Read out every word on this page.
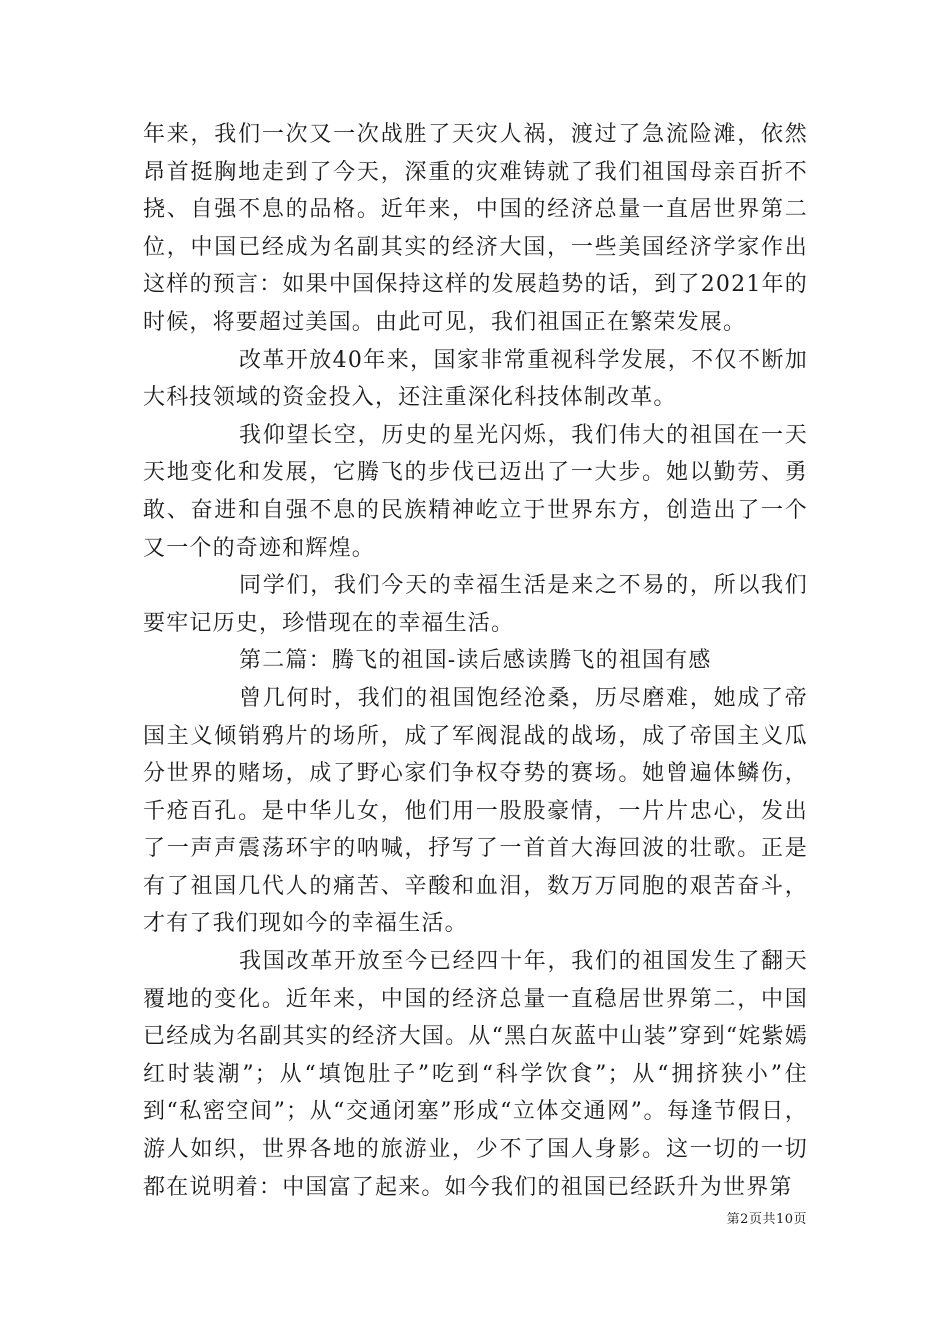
年来，我们一次又一次战胜了天灾人祸，渡过了急流险滩，依然昂首挺胸地走到了今天，深重的灾难铸就了我们祖国母亲百折不挠、自强不息的品格。近年来，中国的经济总量一直居世界第二位，中国已经成为名副其实的经济大国，一些美国经济学家作出这样的预言：如果中国保持这样的发展趋势的话，到了2021年的时候，将要超过美国。由此可见，我们祖国正在繁荣发展。

改革开放40年来，国家非常重视科学发展，不仅不断加大科技领域的资金投入，还注重深化科技体制改革。

我仰望长空，历史的星光闪烁，我们伟大的祖国在一天天地变化和发展，它腾飞的步伐已迈出了一大步。她以勤劳、勇敢、奋进和自强不息的民族精神屹立于世界东方，创造出了一个又一个的奇迹和辉煌。

同学们，我们今天的幸福生活是来之不易的，所以我们要牢记历史，珍惜现在的幸福生活。

第二篇：腾飞的祖国-读后感读腾飞的祖国有感

曾几何时，我们的祖国饱经沧桑，历尽磨难，她成了帝国主义倾销鸦片的场所，成了军阀混战的战场，成了帝国主义瓜分世界的赌场，成了野心家们争权夺势的赛场。她曾遍体鳞伤，千疮百孔。是中华儿女，他们用一股股豪情，一片片忠心，发出了一声声震荡环宇的呐喊，抒写了一首首大海回波的壮歌。正是有了祖国几代人的痛苦、辛酸和血泪，数万万同胞的艰苦奋斗，才有了我们现如今的幸福生活。

我国改革开放至今已经四十年，我们的祖国发生了翻天覆地的变化。近年来，中国的经济总量一直稳居世界第二，中国已经成为名副其实的经济大国。从“黑白灰蓝中山装”穿到“姹紫嫣红时装潮”；从“填饱肚子”吃到“科学饮食”；从“拥挤狭小”住到“私密空间”；从“交通闭塞”形成“立体交通网”。每逢节假日，游人如织，世界各地的旅游业，少不了国人身影。这一切的一切都在说明着：中国富了起来。如今我们的祖国已经跃升为世界第

第2页共10页
